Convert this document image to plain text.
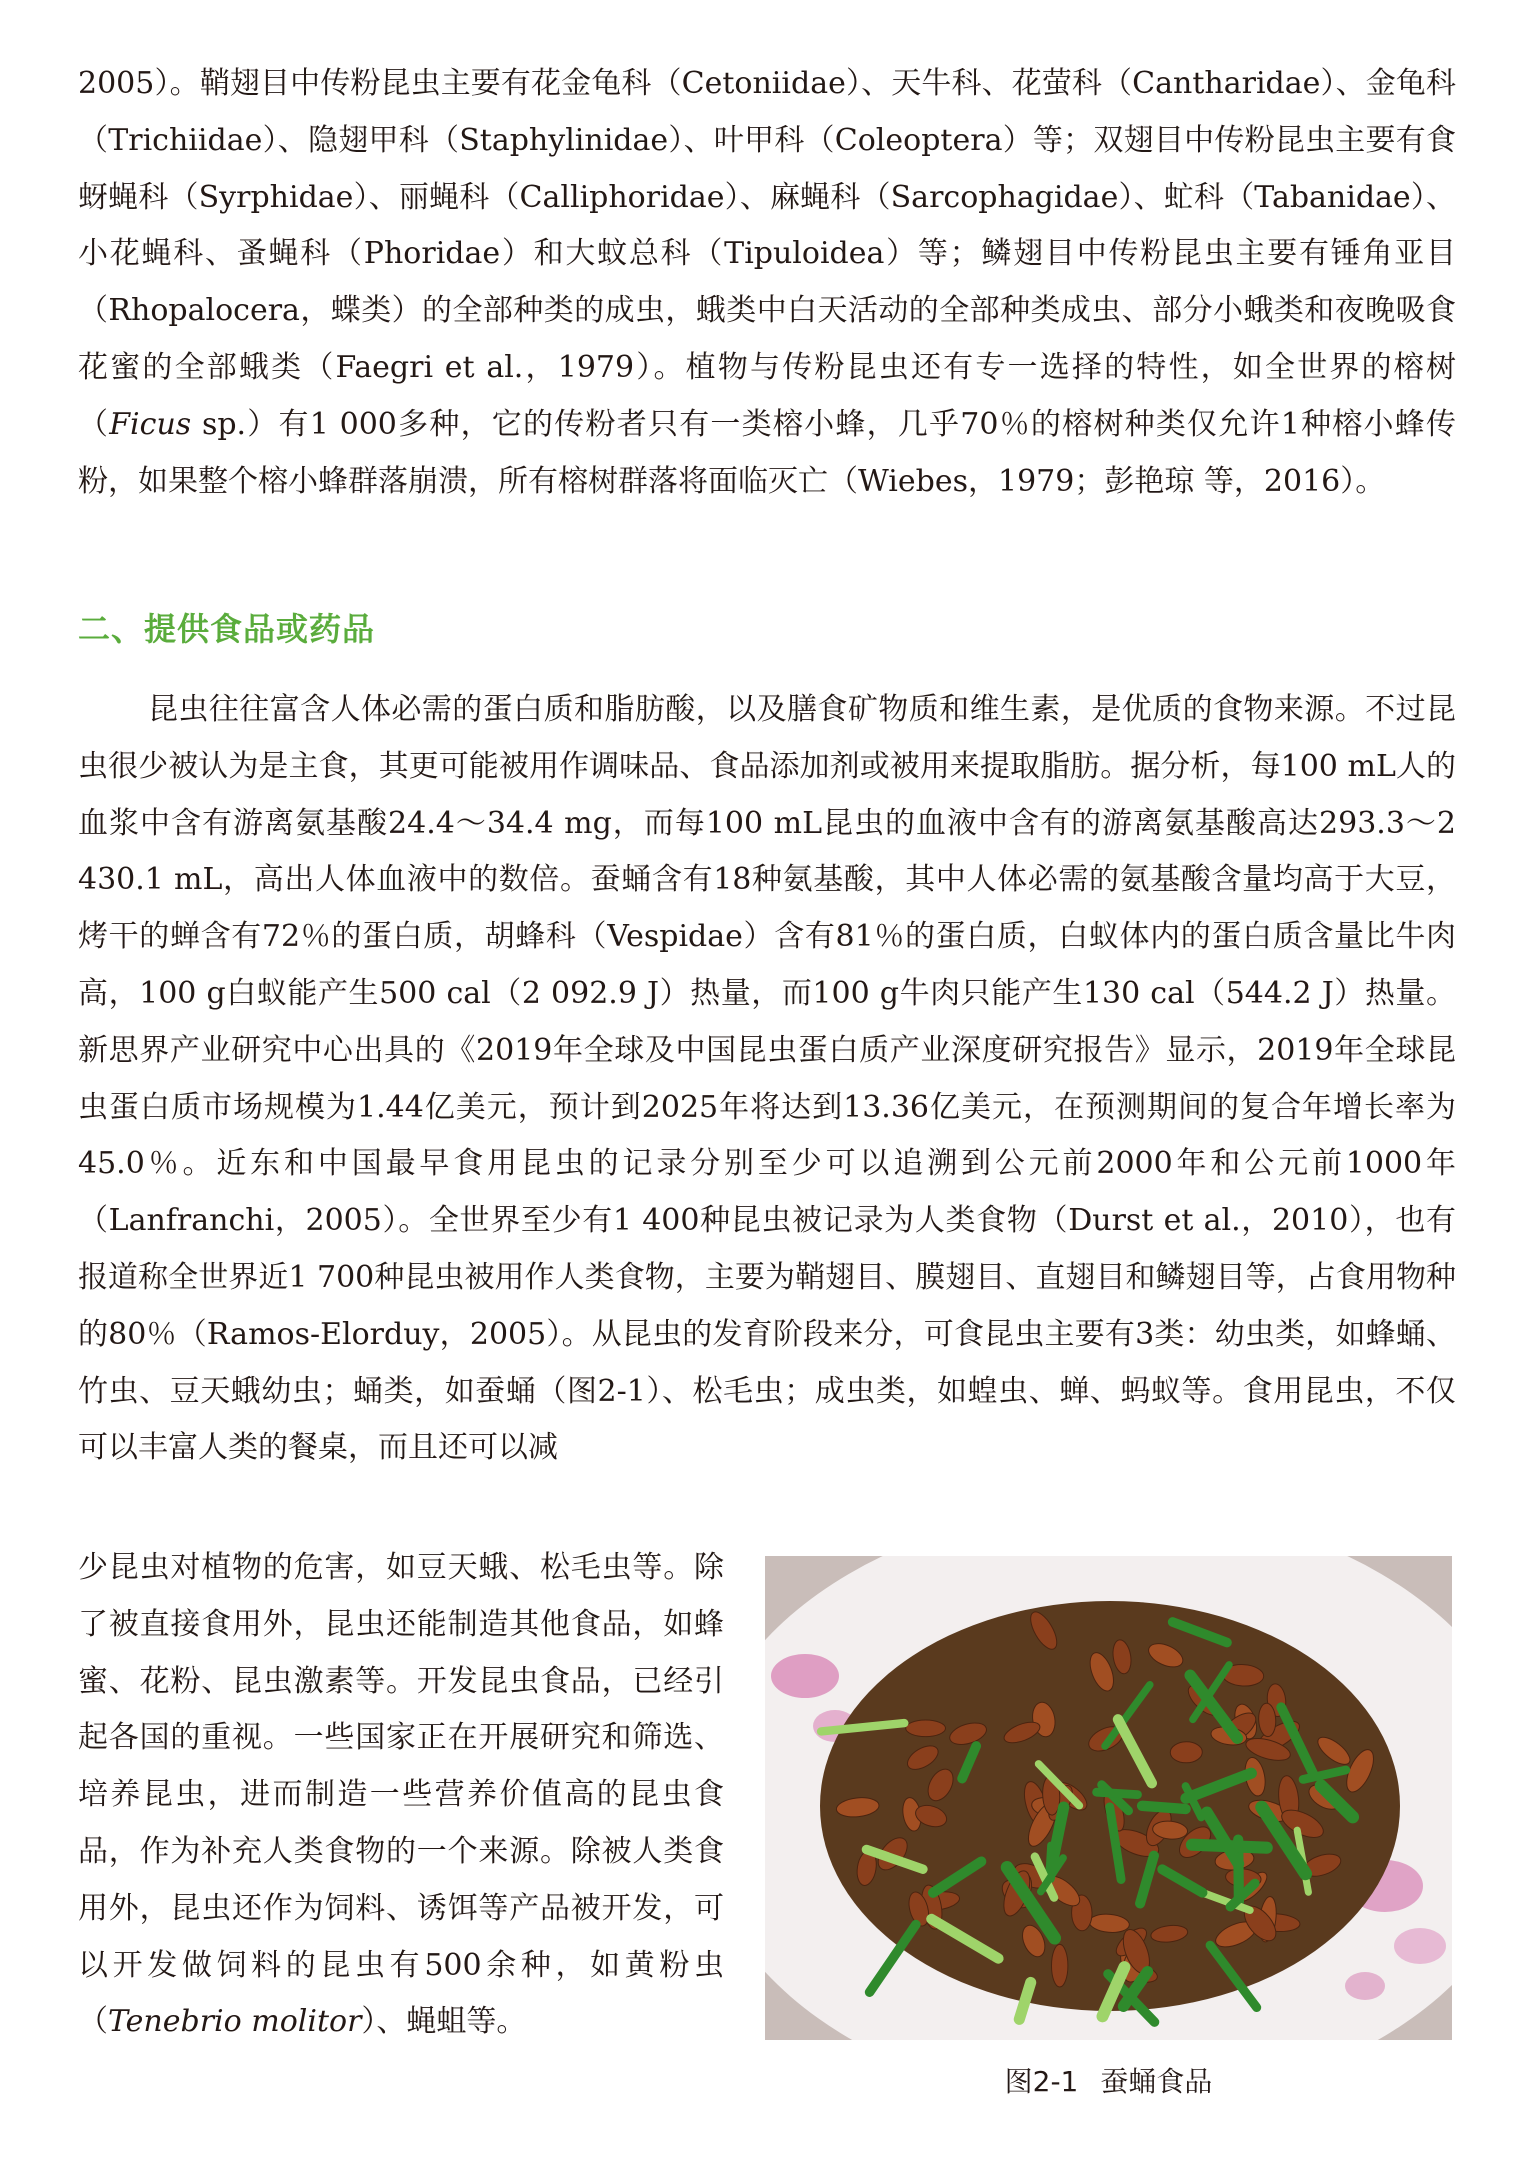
2005）。鞘翅目中传粉昆虫主要有花金龟科（Cetoniidae）、天牛科、花萤科（Cantharidae）、金龟科（Trichiidae）、隐翅甲科（Staphylinidae）、叶甲科（Coleoptera）等；双翅目中传粉昆虫主要有食蚜蝇科（Syrphidae）、丽蝇科（Calliphoridae）、麻蝇科（Sarcophagidae）、虻科（Tabanidae）、小花蝇科、蚤蝇科（Phoridae）和大蚊总科（Tipuloidea）等；鳞翅目中传粉昆虫主要有锤角亚目（Rhopalocera，蝶类）的全部种类的成虫，蛾类中白天活动的全部种类成虫、部分小蛾类和夜晚吸食花蜜的全部蛾类（Faegri et al.，1979）。植物与传粉昆虫还有专一选择的特性，如全世界的榕树（Ficus sp.）有1 000多种，它的传粉者只有一类榕小蜂，几乎70％的榕树种类仅允许1种榕小蜂传粉，如果整个榕小蜂群落崩溃，所有榕树群落将面临灭亡（Wiebes，1979；彭艳琼 等，2016）。

二、提供食品或药品

昆虫往往富含人体必需的蛋白质和脂肪酸，以及膳食矿物质和维生素，是优质的食物来源。不过昆虫很少被认为是主食，其更可能被用作调味品、食品添加剂或被用来提取脂肪。据分析，每100 mL人的血浆中含有游离氨基酸24.4～34.4 mg，而每100 mL昆虫的血液中含有的游离氨基酸高达293.3～2 430.1 mL，高出人体血液中的数倍。蚕蛹含有18种氨基酸，其中人体必需的氨基酸含量均高于大豆，烤干的蝉含有72％的蛋白质，胡蜂科（Vespidae）含有81％的蛋白质，白蚁体内的蛋白质含量比牛肉高，100 g白蚁能产生500 cal（2 092.9 J）热量，而100 g牛肉只能产生130 cal（544.2 J）热量。新思界产业研究中心出具的《2019年全球及中国昆虫蛋白质产业深度研究报告》显示，2019年全球昆虫蛋白质市场规模为1.44亿美元，预计到2025年将达到13.36亿美元，在预测期间的复合年增长率为45.0％。近东和中国最早食用昆虫的记录分别至少可以追溯到公元前2000年和公元前1000年（Lanfranchi，2005）。全世界至少有1 400种昆虫被记录为人类食物（Durst et al.，2010），也有报道称全世界近1 700种昆虫被用作人类食物，主要为鞘翅目、膜翅目、直翅目和鳞翅目等，占食用物种的80％（Ramos-Elorduy，2005）。从昆虫的发育阶段来分，可食昆虫主要有3类：幼虫类，如蜂蛹、竹虫、豆天蛾幼虫；蛹类，如蚕蛹（图2-1）、松毛虫；成虫类，如蝗虫、蝉、蚂蚁等。食用昆虫，不仅可以丰富人类的餐桌，而且还可以减

少昆虫对植物的危害，如豆天蛾、松毛虫等。除了被直接食用外，昆虫还能制造其他食品，如蜂蜜、花粉、昆虫激素等。开发昆虫食品，已经引起各国的重视。一些国家正在开展研究和筛选、培养昆虫，进而制造一些营养价值高的昆虫食品，作为补充人类食物的一个来源。除被人类食用外，昆虫还作为饲料、诱饵等产品被开发，可以开发做饲料的昆虫有500余种，如黄粉虫（Tenebrio molitor）、蝇蛆等。

图2-1 蚕蛹食品
